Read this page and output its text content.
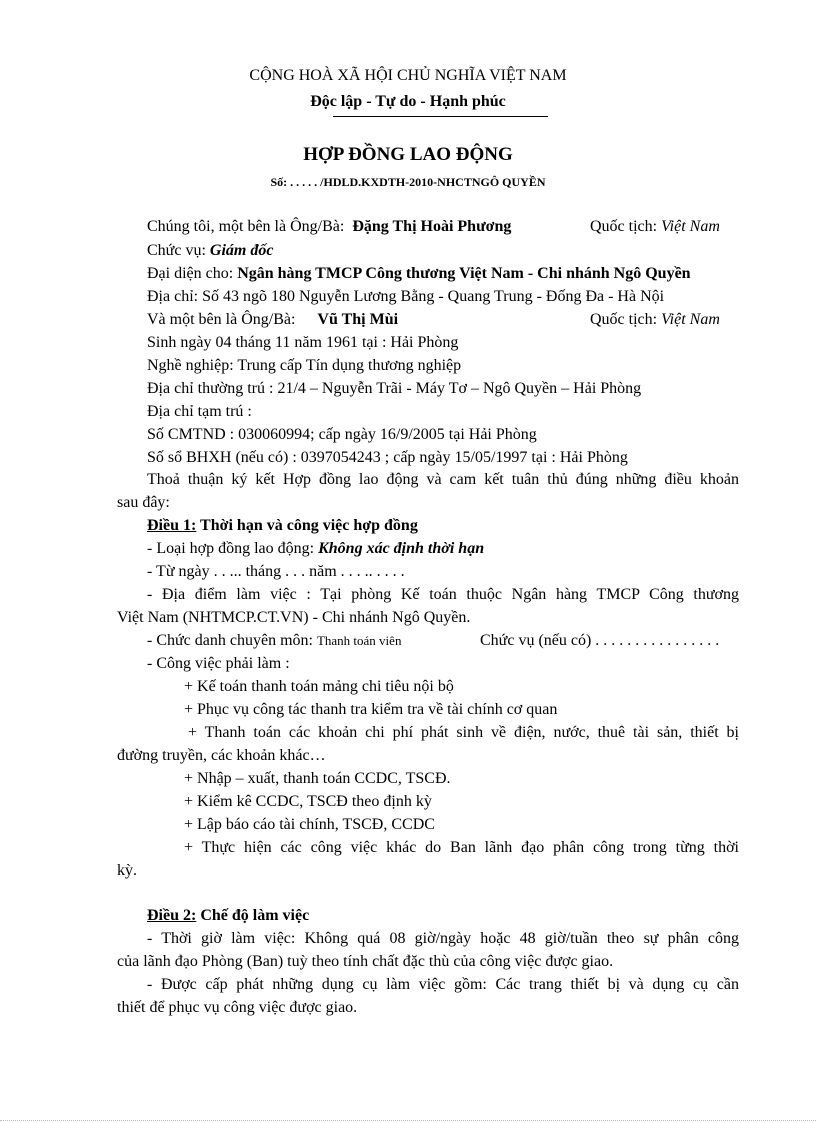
CỘNG HOÀ XÃ HỘI CHỦ NGHĨA VIỆT NAM
Độc lập - Tự do - Hạnh phúc
HỢP ĐỒNG LAO ĐỘNG
Số: . . . . . /HDLD.KXDTH-2010-NHCTNGÔ QUYỀN
Chúng tôi, một bên là Ông/Bà: Đặng Thị Hoài Phương	Quốc tịch: Việt Nam
Chức vụ: Giám đốc
Đại diện cho: Ngân hàng TMCP Công thương Việt Nam - Chi nhánh Ngô Quyền
Địa chỉ: Số 43 ngõ 180 Nguyễn Lương Bằng - Quang Trung - Đống Đa - Hà Nội
Và một bên là Ông/Bà: Vũ Thị Mùi	Quốc tịch: Việt Nam
Sinh ngày 04 tháng 11 năm 1961 tại : Hải Phòng
Nghề nghiệp: Trung cấp Tín dụng thương nghiệp
Địa chỉ thường trú : 21/4 – Nguyễn Trãi - Máy Tơ – Ngô Quyền – Hải Phòng
Địa chỉ tạm trú :
Số CMTND : 030060994; cấp ngày 16/9/2005 tại Hải Phòng
Số sổ BHXH (nếu có) : 0397054243 ; cấp ngày 15/05/1997 tại : Hải Phòng
Thoả thuận ký kết Hợp đồng lao động và cam kết tuân thủ đúng những điều khoản
sau đây:
Điều 1: Thời hạn và công việc hợp đồng
- Loại hợp đồng lao động: Không xác định thời hạn
- Từ ngày . . ... tháng . . . năm . . . .. . . . .
- Địa điểm làm việc : Tại phòng Kế toán thuộc Ngân hàng TMCP Công thương
Việt Nam (NHTMCP.CT.VN) - Chi nhánh Ngô Quyền.
- Chức danh chuyên môn: Thanh toán viên	Chức vụ (nếu có) . . . . . . . . . . . . . . . .
- Công việc phải làm :
+ Kế toán thanh toán mảng chi tiêu nội bộ
+ Phục vụ công tác thanh tra kiểm tra về tài chính cơ quan
+ Thanh toán các khoản chi phí phát sinh về điện, nước, thuê tài sản, thiết bị
đường truyền, các khoản khác…
+ Nhập – xuất, thanh toán CCDC, TSCĐ.
+ Kiểm kê CCDC, TSCĐ theo định kỳ
+ Lập báo cáo tài chính, TSCĐ, CCDC
+ Thực hiện các công việc khác do Ban lãnh đạo phân công trong từng thời
kỳ.
Điều 2: Chế độ làm việc
- Thời giờ làm việc: Không quá 08 giờ/ngày hoặc 48 giờ/tuần theo sự phân công
của lãnh đạo Phòng (Ban) tuỳ theo tính chất đặc thù của công việc được giao.
- Được cấp phát những dụng cụ làm việc gồm: Các trang thiết bị và dụng cụ cần
thiết để phục vụ công việc được giao.
